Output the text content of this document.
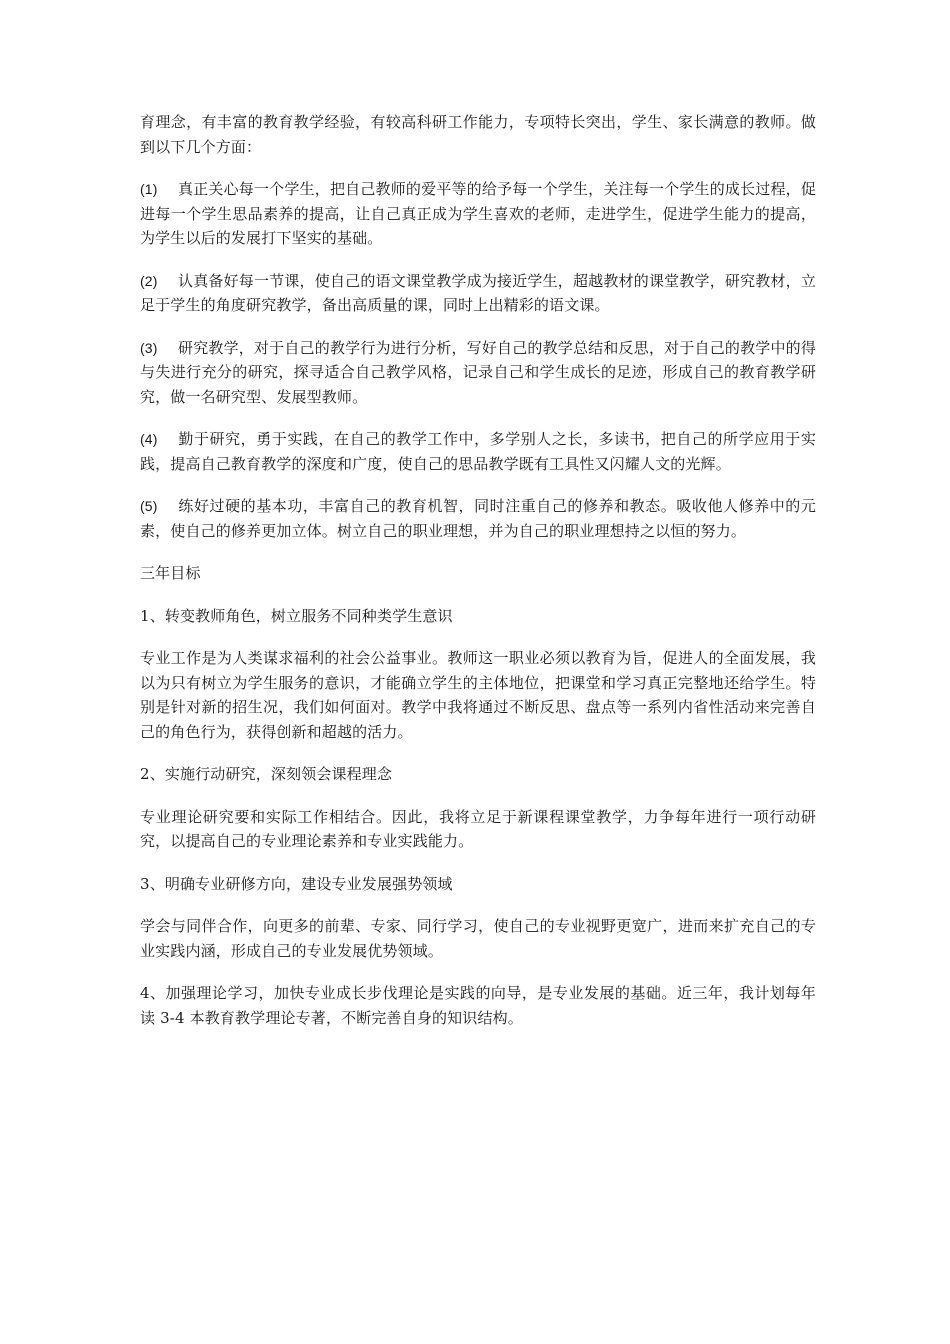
育理念，有丰富的教育教学经验，有较高科研工作能力，专项特长突出，学生、家长满意的教师。做到以下几个方面：

(1) 真正关心每一个学生，把自己教师的爱平等的给予每一个学生，关注每一个学生的成长过程，促进每一个学生思品素养的提高，让自己真正成为学生喜欢的老师，走进学生，促进学生能力的提高，为学生以后的发展打下坚实的基础。

(2) 认真备好每一节课，使自己的语文课堂教学成为接近学生，超越教材的课堂教学，研究教材，立足于学生的角度研究教学，备出高质量的课，同时上出精彩的语文课。

(3) 研究教学，对于自己的教学行为进行分析，写好自己的教学总结和反思，对于自己的教学中的得与失进行充分的研究，探寻适合自己教学风格，记录自己和学生成长的足迹，形成自己的教育教学研究，做一名研究型、发展型教师。

(4) 勤于研究，勇于实践，在自己的教学工作中，多学别人之长，多读书，把自己的所学应用于实践，提高自己教育教学的深度和广度，使自己的思品教学既有工具性又闪耀人文的光辉。

(5) 练好过硬的基本功，丰富自己的教育机智，同时注重自己的修养和教态。吸收他人修养中的元素，使自己的修养更加立体。树立自己的职业理想，并为自己的职业理想持之以恒的努力。

三年目标

1、转变教师角色，树立服务不同种类学生意识

专业工作是为人类谋求福利的社会公益事业。教师这一职业必须以教育为旨，促进人的全面发展，我以为只有树立为学生服务的意识，才能确立学生的主体地位，把课堂和学习真正完整地还给学生。特别是针对新的招生况，我们如何面对。教学中我将通过不断反思、盘点等一系列内省性活动来完善自己的角色行为，获得创新和超越的活力。

2、实施行动研究，深刻领会课程理念

专业理论研究要和实际工作相结合。因此，我将立足于新课程课堂教学，力争每年进行一项行动研究，以提高自己的专业理论素养和专业实践能力。

3、明确专业研修方向，建设专业发展强势领域

学会与同伴合作，向更多的前辈、专家、同行学习，使自己的专业视野更宽广，进而来扩充自己的专业实践内涵，形成自己的专业发展优势领域。

4、加强理论学习，加快专业成长步伐理论是实践的向导，是专业发展的基础。近三年，我计划每年读 3-4 本教育教学理论专著，不断完善自身的知识结构。
